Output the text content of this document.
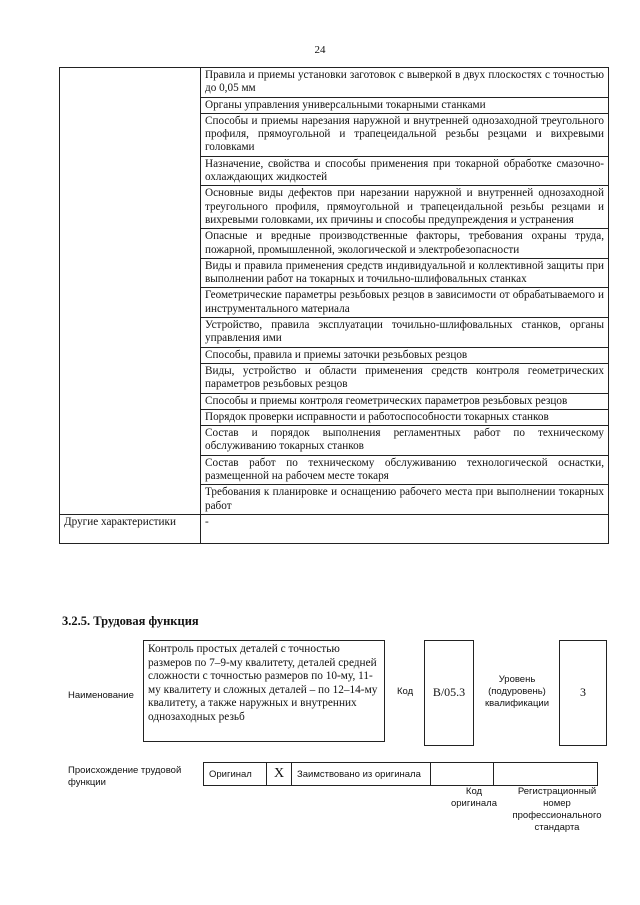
24
	Правила и приемы установки заготовок с выверкой в двух плоскостях с точностью до 0,05 мм
	Органы управления универсальными токарными станками
	Способы и приемы нарезания наружной и внутренней однозаходной треугольного профиля, прямоугольной и трапецеидальной резьбы резцами и вихревыми головками
	Назначение, свойства и способы применения при токарной обработке смазочно-охлаждающих жидкостей
	Основные виды дефектов при нарезании наружной и внутренней однозаходной треугольного профиля, прямоугольной и трапецеидальной резьбы резцами и вихревыми головками, их причины и способы предупреждения и устранения
	Опасные и вредные производственные факторы, требования охраны труда, пожарной, промышленной, экологической и электробезопасности
	Виды и правила применения средств индивидуальной и коллективной защиты при выполнении работ на токарных и точильно-шлифовальных станках
	Геометрические параметры резьбовых резцов в зависимости от обрабатываемого и инструментального материала
	Устройство, правила эксплуатации точильно-шлифовальных станков, органы управления ими
	Способы, правила и приемы заточки резьбовых резцов
	Виды, устройство и области применения средств контроля геометрических параметров резьбовых резцов
	Способы и приемы контроля геометрических параметров резьбовых резцов
	Порядок проверки исправности и работоспособности токарных станков
	Состав и порядок выполнения регламентных работ по техническому обслуживанию токарных станков
	Состав работ по техническому обслуживанию технологической оснастки, размещенной на рабочем месте токаря
	Требования к планировке и оснащению рабочего места при выполнении токарных работ
Другие характеристики	-
3.2.5. Трудовая функция
Наименование
Контроль простых деталей с точностью размеров по 7–9-му квалитету, деталей средней сложности с точностью размеров по 10-му, 11-му квалитету и сложных деталей – по 12–14-му квалитету, а также наружных и внутренних однозаходных резьб
Код	B/05.3
Уровень (подуровень) квалификации
3
Происхождение трудовой функции
Оригинал	X	Заимствовано из оригинала		
Код оригинала
Регистрационный номер профессионального стандарта
